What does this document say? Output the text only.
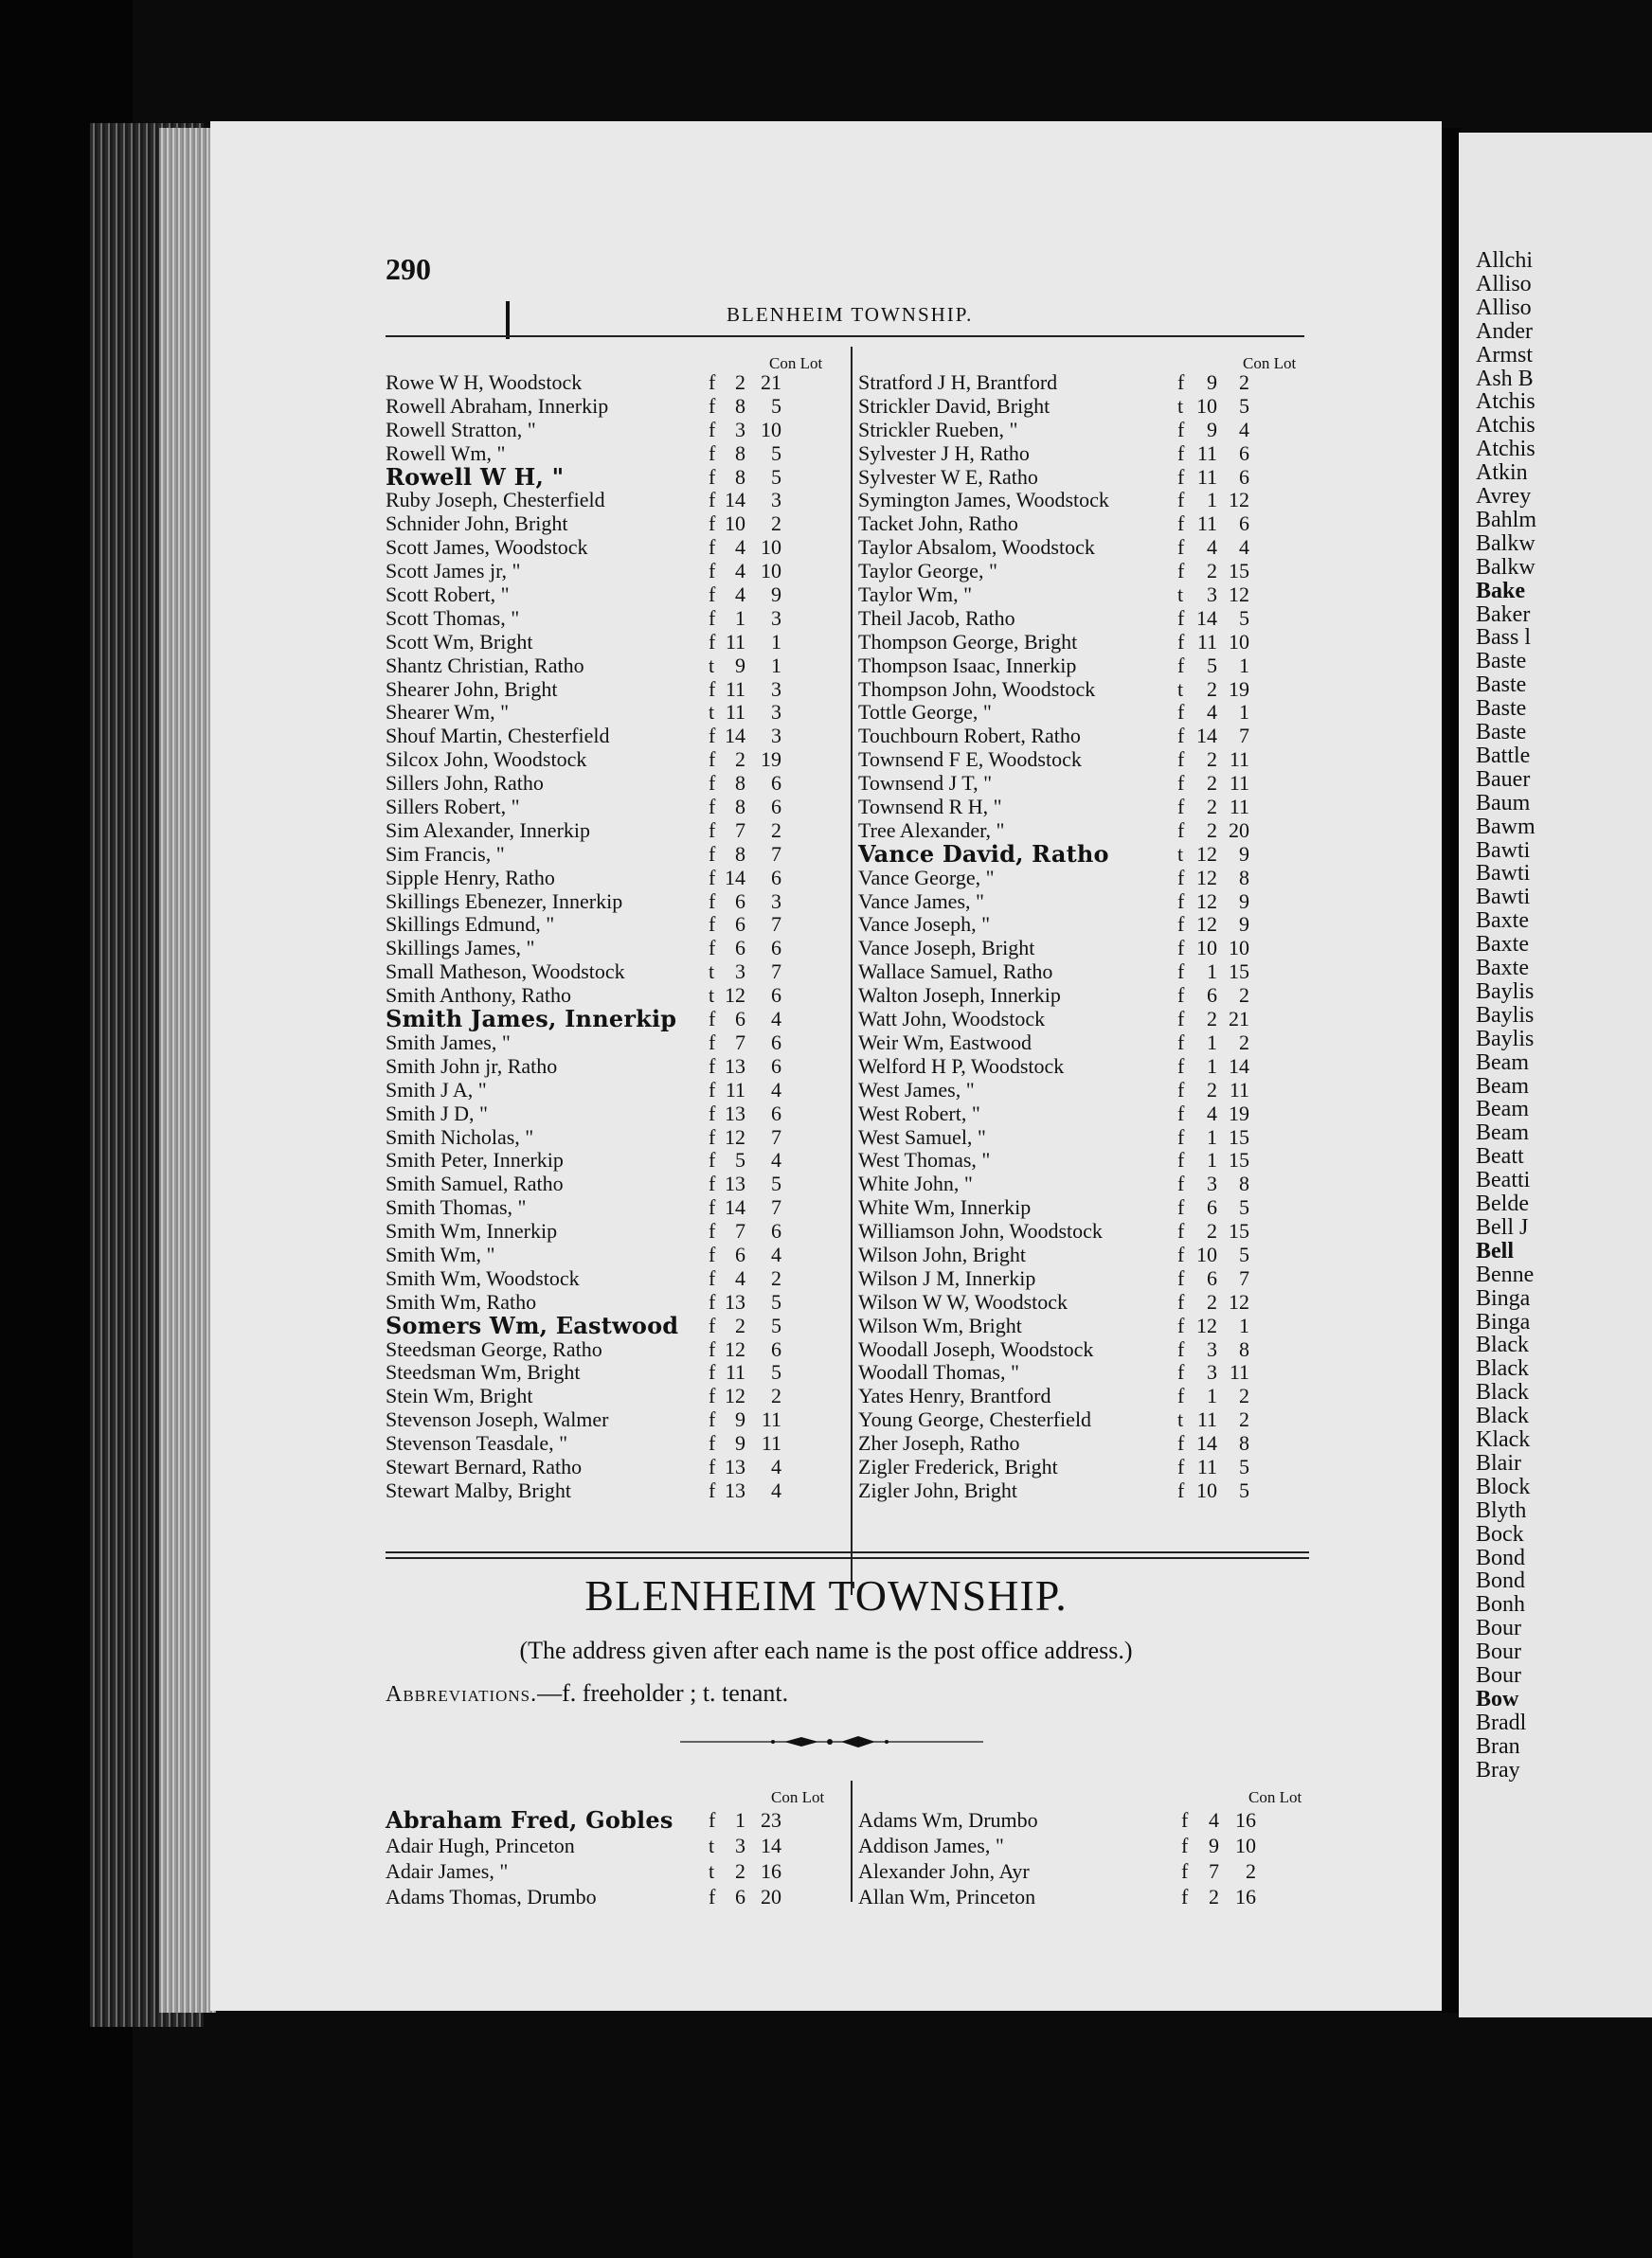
290
BLENHEIM TOWNSHIP.
Con Lot	Con Lot
Rowe W H, Woodstock	f 2 21
Rowell Abraham, Innerkip	f 8	5
Rowell Stratton, "	f 3 10
Rowell Wm, "	f 8	5
Rowell W H, "	f 8	5
Ruby Joseph, Chesterfield	f 14	3
Schnider John, Bright	f 10	2
Scott James, Woodstock	f 4 10
Scott James jr, "	f 4 10
Scott Robert, "	f 4	9
Scott Thomas, "	f 1	3
Scott Wm, Bright	f 11	1
Shantz Christian, Ratho	t 9	1
Shearer John, Bright	f 11	3
Shearer Wm, "	t 11	3
Shouf Martin, Chesterfield	f 14	3
Silcox John, Woodstock	f 2 19
Sillers John, Ratho	f 8	6
Sillers Robert, "	f 8	6
Sim Alexander, Innerkip	f 7	2
Sim Francis, "	f 8	7
Sipple Henry, Ratho	f 14	6
Skillings Ebenezer, Innerkip	f 6	3
Skillings Edmund, "	f 6	7
Skillings James, "	f 6	6
Small Matheson, Woodstock	t 3	7
Smith Anthony, Ratho	t 12	6
Smith James, Innerkip f 6	4
Smith James, "	f 7	6
Smith John jr, Ratho	f 13	6
Smith J A, "	f 11	4
Smith J D, "	f 13	6
Smith Nicholas, "	f 12	7
Smith Peter, Innerkip	f 5	4
Smith Samuel, Ratho	f 13	5
Smith Thomas, "	f 14	7
Smith Wm, Innerkip	f 7	6
Smith Wm, "	f 6	4
Smith Wm, Woodstock	f 4	2
Smith Wm, Ratho	f 13	5
Somers Wm, Eastwood f 2	5
Steedsman George, Ratho	f 12	6
Steedsman Wm, Bright	f 11	5
Stein Wm, Bright	f 12	2
Stevenson Joseph, Walmer	f 9 11
Stevenson Teasdale, "	f 9 11
Stewart Bernard, Ratho	f 13	4
Stewart Malby, Bright	f 13	4
Stratford J H, Brantford	f	9	2
Strickler David, Bright	t 10	5
Strickler Rueben, "	f	9	4
Sylvester J H, Ratho	f 11	6
Sylvester W E, Ratho	f 11	6
Symington James, Woodstock	f	1 12
Tacket John, Ratho	f 11	6
Taylor Absalom, Woodstock	f	4	4
Taylor George, "	f	2 15
Taylor Wm, "	t	3 12
Theil Jacob, Ratho	f 14	5
Thompson George, Bright	f 11 10
Thompson Isaac, Innerkip	f	5	1
Thompson John, Woodstock	t	2 19
Tottle George, "	f	4	1
Touchbourn Robert, Ratho	f 14	7
Townsend F E, Woodstock	f	2 11
Townsend J T, "	f	2 11
Townsend R H, "	f	2 11
Tree Alexander, "	f	2 20
Vance David, Ratho	t 12	9
Vance George, "	f 12	8
Vance James, "	f 12	9
Vance Joseph, "	f 12	9
Vance Joseph, Bright	f 10 10
Wallace Samuel, Ratho	f	1 15
Walton Joseph, Innerkip	f	6	2
Watt John, Woodstock	f	2 21
Weir Wm, Eastwood	f	1	2
Welford H P, Woodstock	f	1 14
West James, "	f	2 11
West Robert, "	f	4 19
West Samuel, "	f	1 15
West Thomas, "	f	1 15
White John, "	f	3	8
White Wm, Innerkip	f	6	5
Williamson John, Woodstock	f	2 15
Wilson John, Bright	f 10	5
Wilson J M, Innerkip	f	6	7
Wilson W W, Woodstock	f	2 12
Wilson Wm, Bright	f 12	1
Woodall Joseph, Woodstock	f	3	8
Woodall Thomas, "	f	3 11
Yates Henry, Brantford	f	1	2
Young George, Chesterfield	t 11	2
Zher Joseph, Ratho	f 14	8
Zigler Frederick, Bright	f 11	5
Zigler John, Bright	f 10	5
BLENHEIM TOWNSHIP.
(The address given after each name is the post office address.)
Abbreviations.—f. freeholder ; t. tenant.
Con Lot	Con Lot
Abraham Fred, Gobles f 1 23
Adair Hugh, Princeton	t 3 14
Adair James, "	t 2 16
Adams Thomas, Drumbo	f 6 20
Adams Wm, Drumbo	f 4 16
Addison James, "	f 9 10
Alexander John, Ayr	f 7	2
Allan Wm, Princeton	f 2 16
Allchi
Alliso
Alliso
Ander
Armst
Ash B
Atchis
Atchis
Atchis
Atkin
Avrey
Bahlm
Balkw
Balkw
Bake
Baker
Bass l
Baste
Baste
Baste
Baste
Battle
Bauer
Baum
Bawm
Bawti
Bawti
Bawti
Baxte
Baxte
Baxte
Baylis
Baylis
Baylis
Beam
Beam
Beam
Beam
Beatt
Beatti
Belde
Bell J
Bell
Benne
Binga
Binga
Black
Black
Black
Black
Klack
Blair
Block
Blyth
Bock
Bond
Bond
Bonh
Bour
Bour
Bour
Bow
Bradl
Bran
Bray
